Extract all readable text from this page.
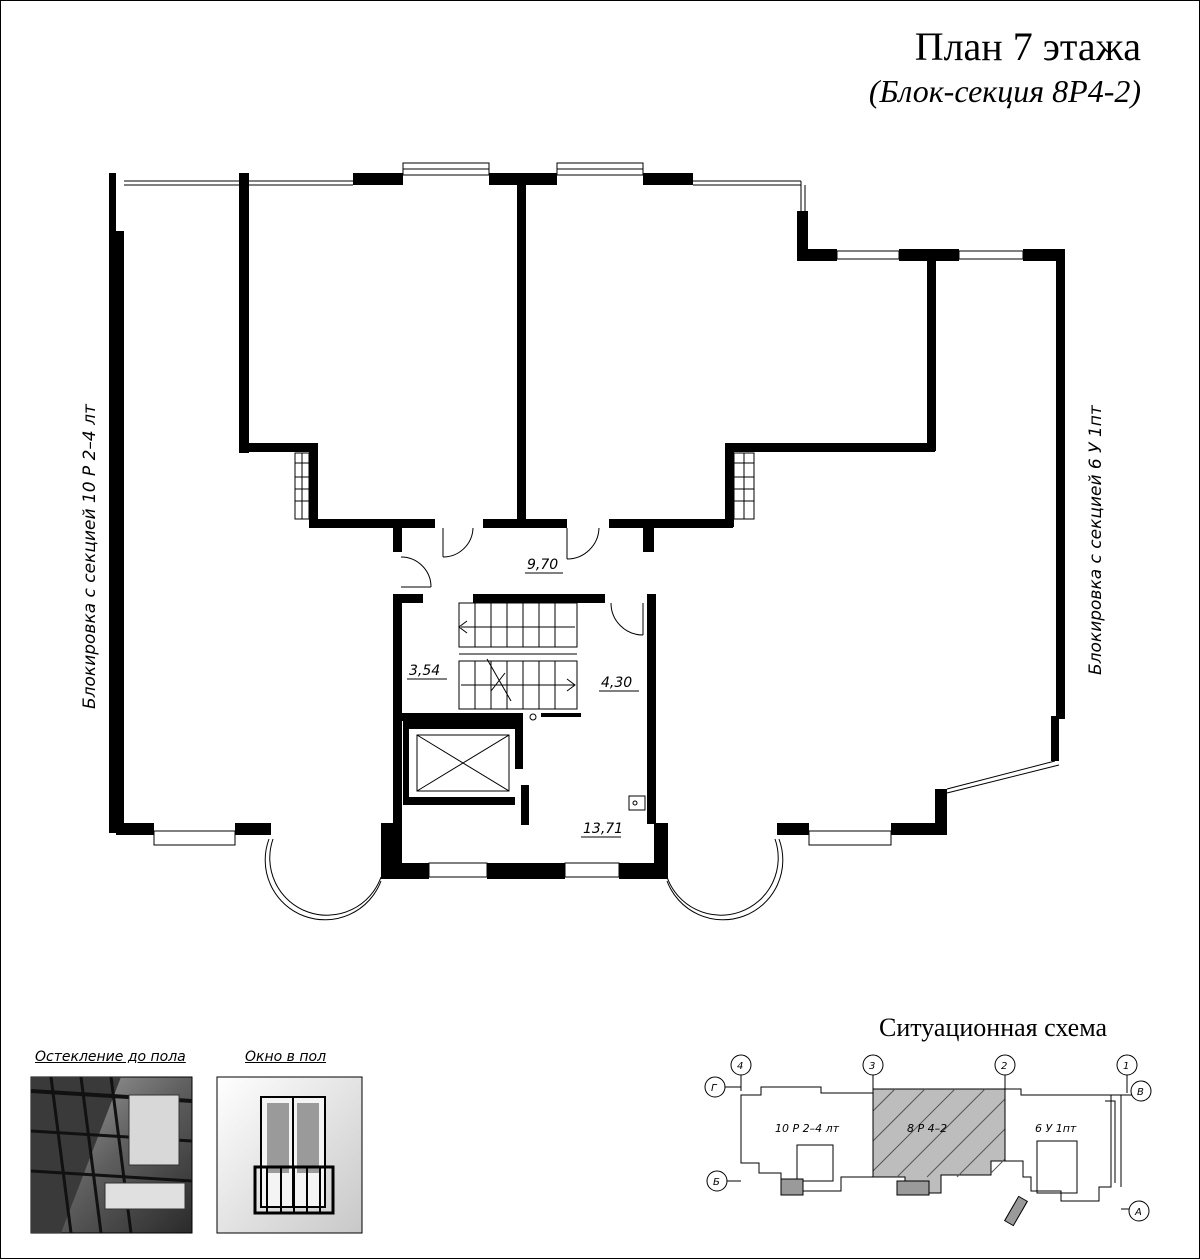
План 7 этажа
(Блок-секция 8Р4-2)
9,70
3,54
4,30
13,71
Блокировка с секцией 10 Р 2–4 лт	Блокировка с секцией 6 У 1пт
4	3	2	1
Г	В
Б
А
10 Р 2–4 лт	8 Р 4–2	6 У 1пт
Остекление до пола	Окно в пол
Ситуационная схема
